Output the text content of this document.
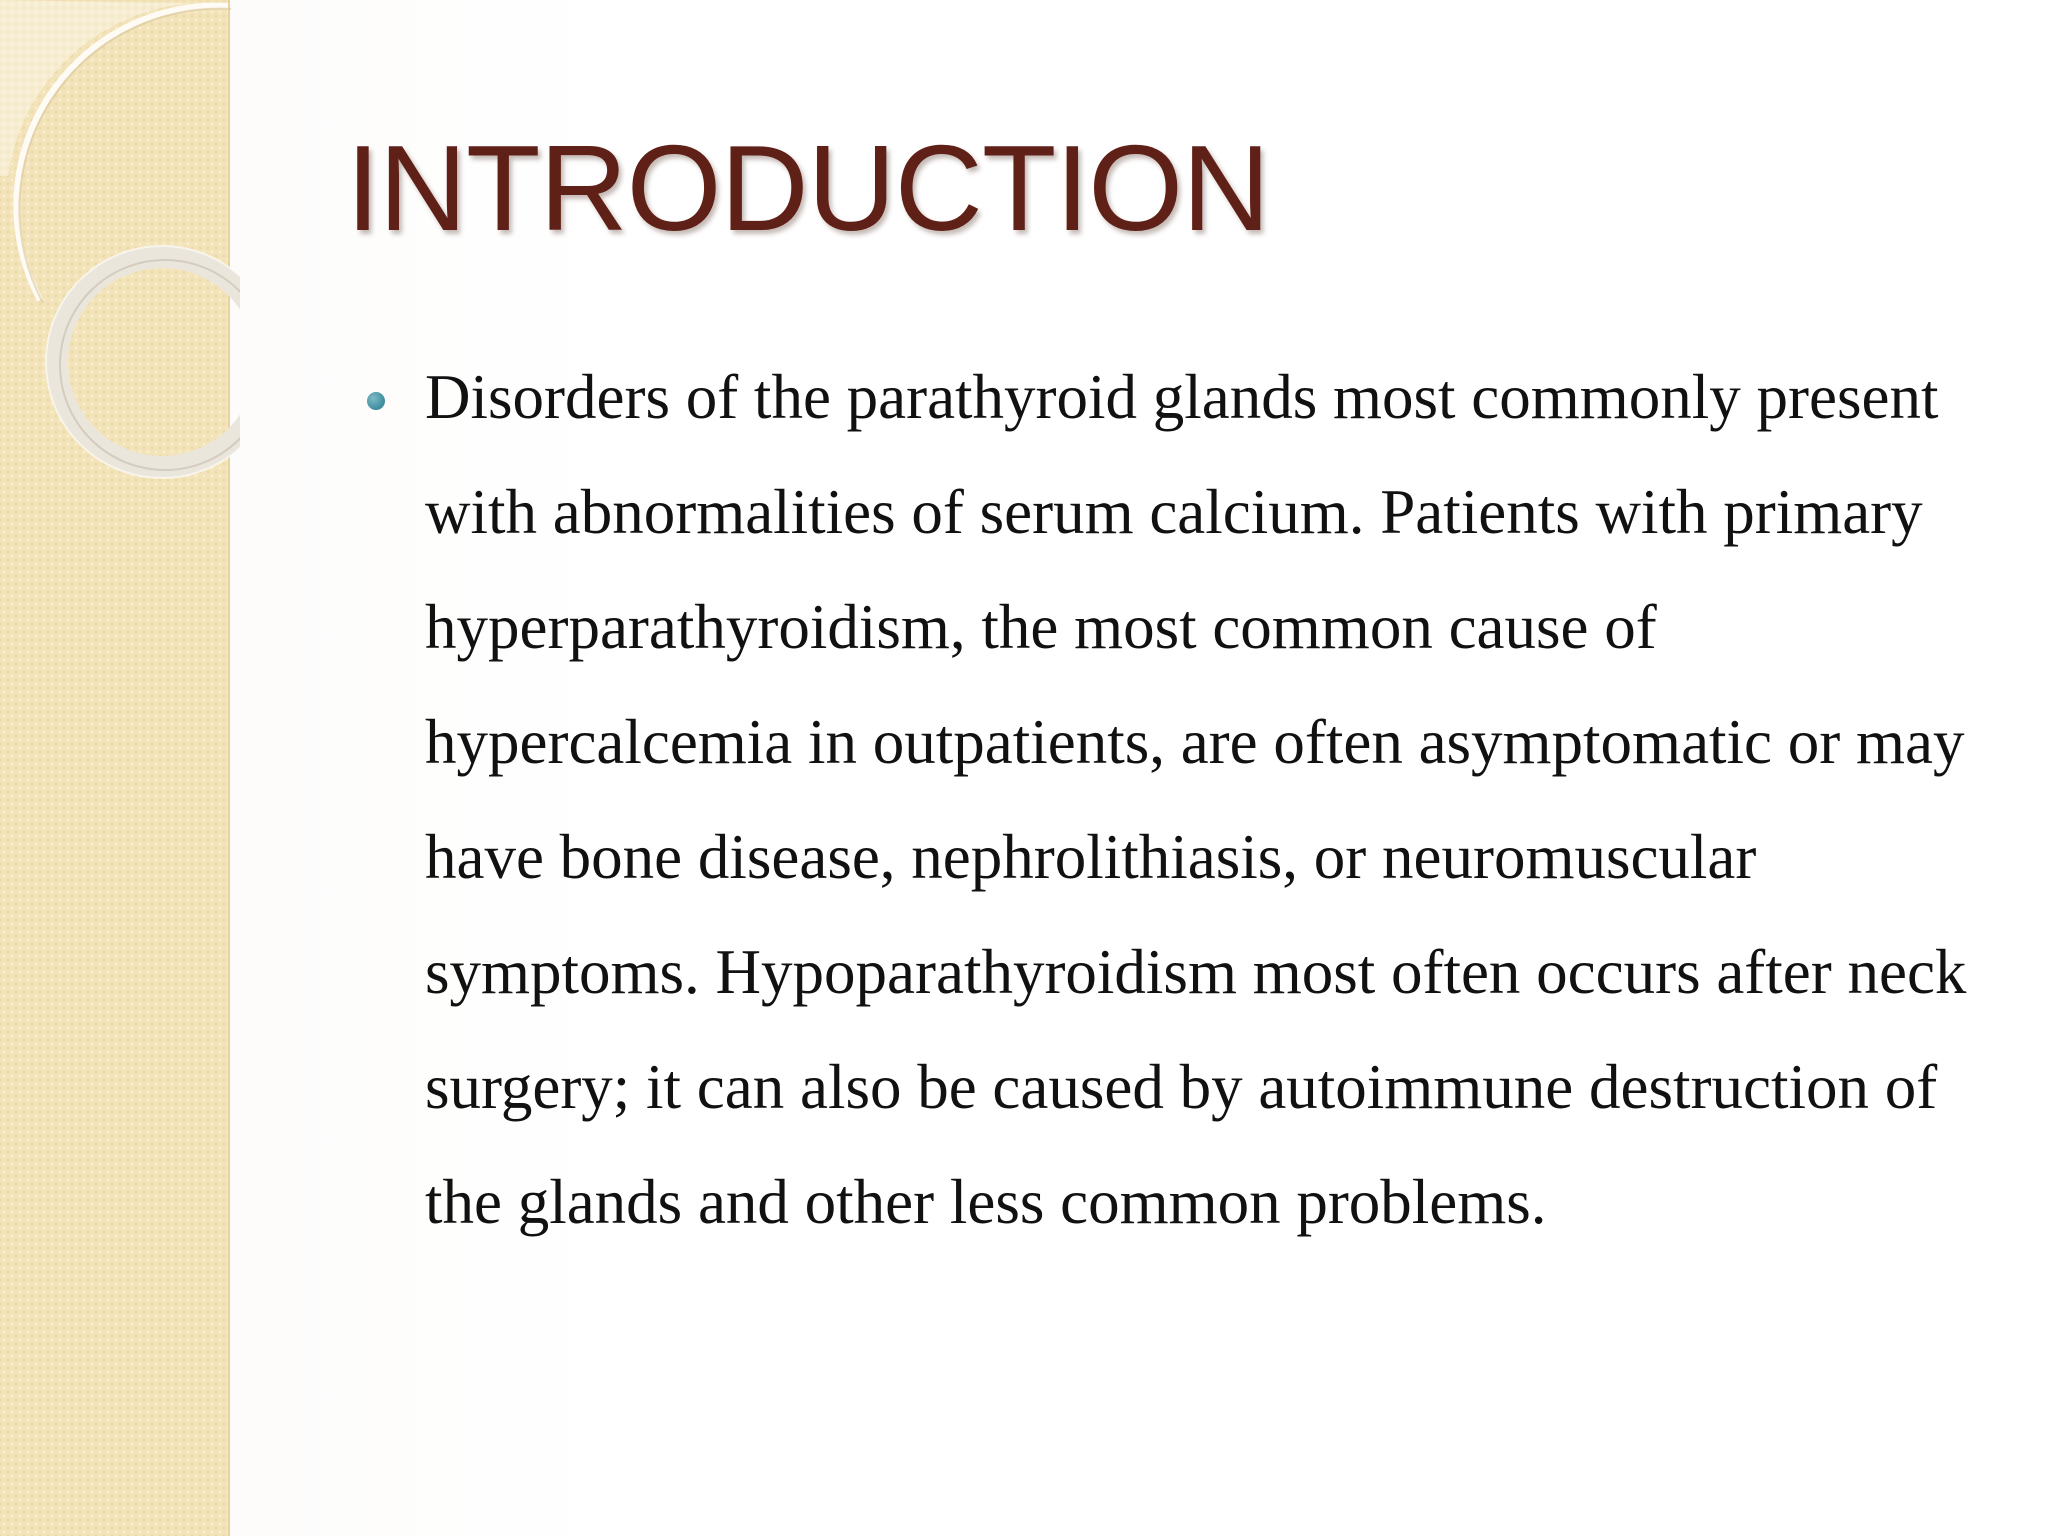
INTRODUCTION
Disorders of the parathyroid glands most commonly present with abnormalities of serum calcium. Patients with primary hyperparathyroidism, the most common cause of hypercalcemia in outpatients, are often asymptomatic or may have bone disease, nephrolithiasis, or neuromuscular symptoms. Hypoparathyroidism most often occurs after neck surgery; it can also be caused by autoimmune destruction of the glands and other less common problems.
